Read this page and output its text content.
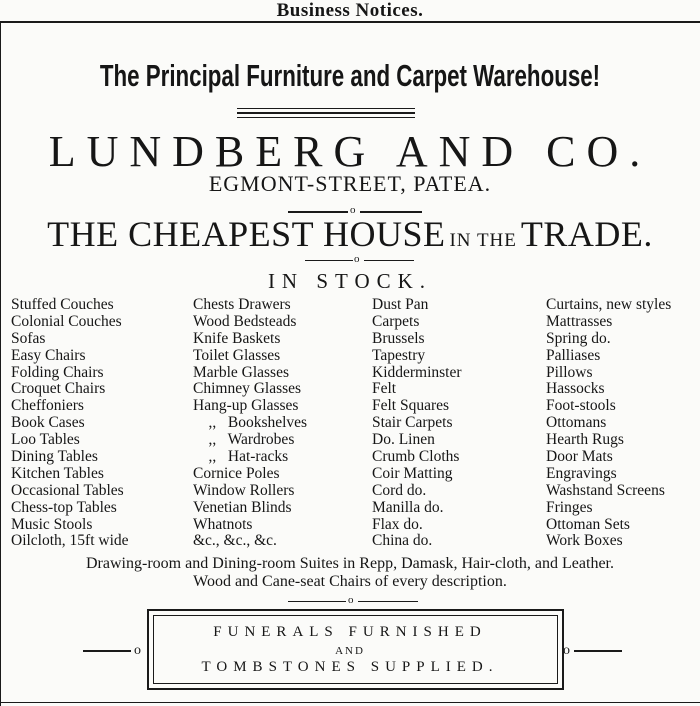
Business Notices.
The Principal Furniture and Carpet Warehouse!
LUNDBERG AND CO.
EGMONT-STREET, PATEA.
o
THE CHEAPEST HOUSE IN THE TRADE.
o
IN STOCK.
Stuffed Couches
Colonial Couches
Sofas
Easy Chairs
Folding Chairs
Croquet Chairs
Cheffoniers
Book Cases
Loo Tables
Dining Tables
Kitchen Tables
Occasional Tables
Chess-top Tables
Music Stools
Oilcloth, 15ft wide
Chests Drawers
Wood Bedsteads
Knife Baskets
Toilet Glasses
Marble Glasses
Chimney Glasses
Hang-up Glasses
,,   Bookshelves
,,   Wardrobes
,,   Hat-racks
Cornice Poles
Window Rollers
Venetian Blinds
Whatnots
&c., &c., &c.
Dust Pan
Carpets
Brussels
Tapestry
Kidderminster
Felt
Felt Squares
Stair Carpets
Do. Linen
Crumb Cloths
Coir Matting
Cord do.
Manilla do.
Flax do.
China do.
Curtains, new styles
Mattrasses
Spring do.
Palliases
Pillows
Hassocks
Foot-stools
Ottomans
Hearth Rugs
Door Mats
Engravings
Washstand Screens
Fringes
Ottoman Sets
Work Boxes
Drawing-room and Dining-room Suites in Repp, Damask, Hair-cloth, and Leather.
Wood and Cane-seat Chairs of every description.
o
o	o
FUNERALS FURNISHED
AND
TOMBSTONES SUPPLIED.
